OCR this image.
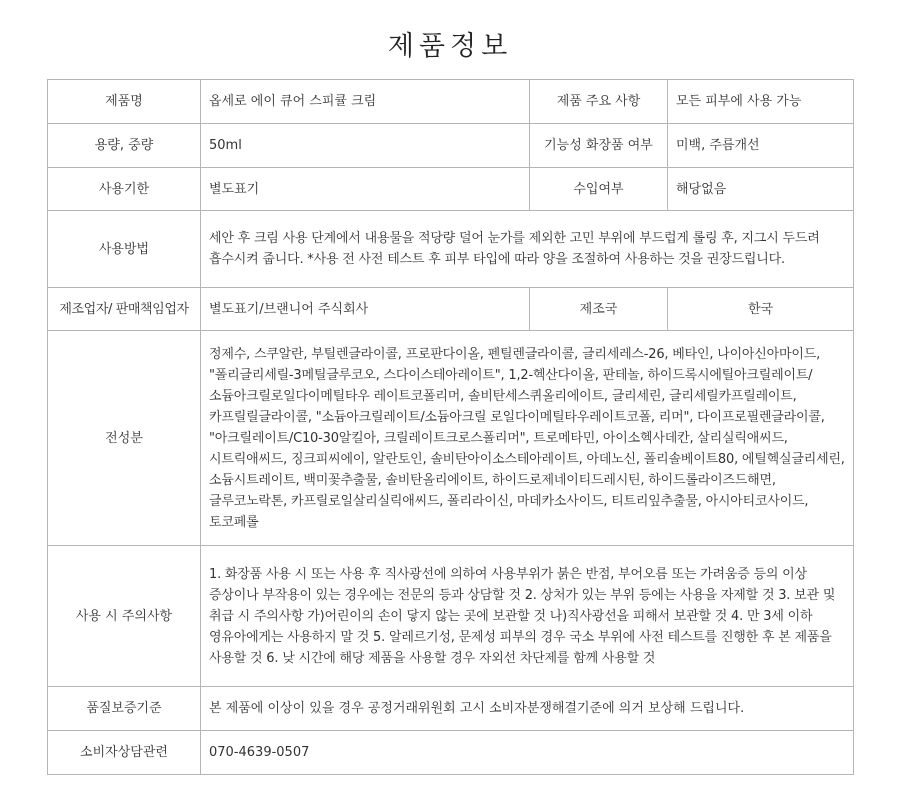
제품정보
제품명	옵세로 에이 큐어 스피큘 크림	제품 주요 사항	모든 피부에 사용 가능
용량, 중량	50ml	기능성 화장품 여부	미백, 주름개선
사용기한	별도표기	수입여부	해당없음
사용방법	세안 후 크림 사용 단계에서 내용물을 적당량 덜어 눈가를 제외한 고민 부위에 부드럽게 롤링 후, 지그시 두드려 흡수시켜 줍니다. *사용 전 사전 테스트 후 피부 타입에 따라 양을 조절하여 사용하는 것을 권장드립니다.		
제조업자/ 판매책임업자	별도표기/브랜니어 주식회사	제조국	한국
전성분	정제수, 스쿠알란, 부틸렌글라이콜, 프로판다이올, 펜틸렌글라이콜, 글리세레스-26, 베타인, 나이아신아마이드, "폴리글리세릴-3메틸글루코오, 스다이스테아레이트", 1,2-헥산다이올, 판테놀, 하이드록시에틸아크릴레이트/ 소듐아크릴로일다이메틸타우 레이트코폴리머, 솔비탄세스퀴올리에이트, 글리세린, 글리세릴카프릴레이트, 카프릴릴글라이콜, "소듐아크릴레이트/소듐아크릴 로일다이메틸타우레이트코폴, 리머", 다이프로필렌글라이콜, "아크릴레이트/C10-30알킬아, 크릴레이트크로스폴리머", 트로메타민, 아이소헥사데칸, 살리실릭애씨드, 시트릭애씨드, 징크피씨에이, 알란토인, 솔비탄아이소스테아레이트, 아데노신, 폴리솔베이트80, 에틸헥실글리세린, 소듐시트레이트, 백미꽃추출물, 솔비탄올리에이트, 하이드로제네이티드레시틴, 하이드롤라이즈드해면, 글루코노락톤, 카프릴로일살리실릭애씨드, 폴리라이신, 마데카소사이드, 티트리잎추출물, 아시아티코사이드, 토코페롤		
사용 시 주의사항	1. 화장품 사용 시 또는 사용 후 직사광선에 의하여 사용부위가 붉은 반점, 부어오름 또는 가려움증 등의 이상 증상이나 부작용이 있는 경우에는 전문의 등과 상담할 것 2. 상처가 있는 부위 등에는 사용을 자제할 것 3. 보관 및 취급 시 주의사항 가)어린이의 손이 닿지 않는 곳에 보관할 것 나)직사광선을 피해서 보관할 것 4. 만 3세 이하 영유아에게는 사용하지 말 것 5. 알레르기성, 문제성 피부의 경우 국소 부위에 사전 테스트를 진행한 후 본 제품을 사용할 것 6. 낮 시간에 해당 제품을 사용할 경우 자외선 차단제를 함께 사용할 것		
품질보증기준	본 제품에 이상이 있을 경우 공정거래위원회 고시 소비자분쟁해결기준에 의거 보상해 드립니다.		
소비자상담관련	070-4639-0507		
